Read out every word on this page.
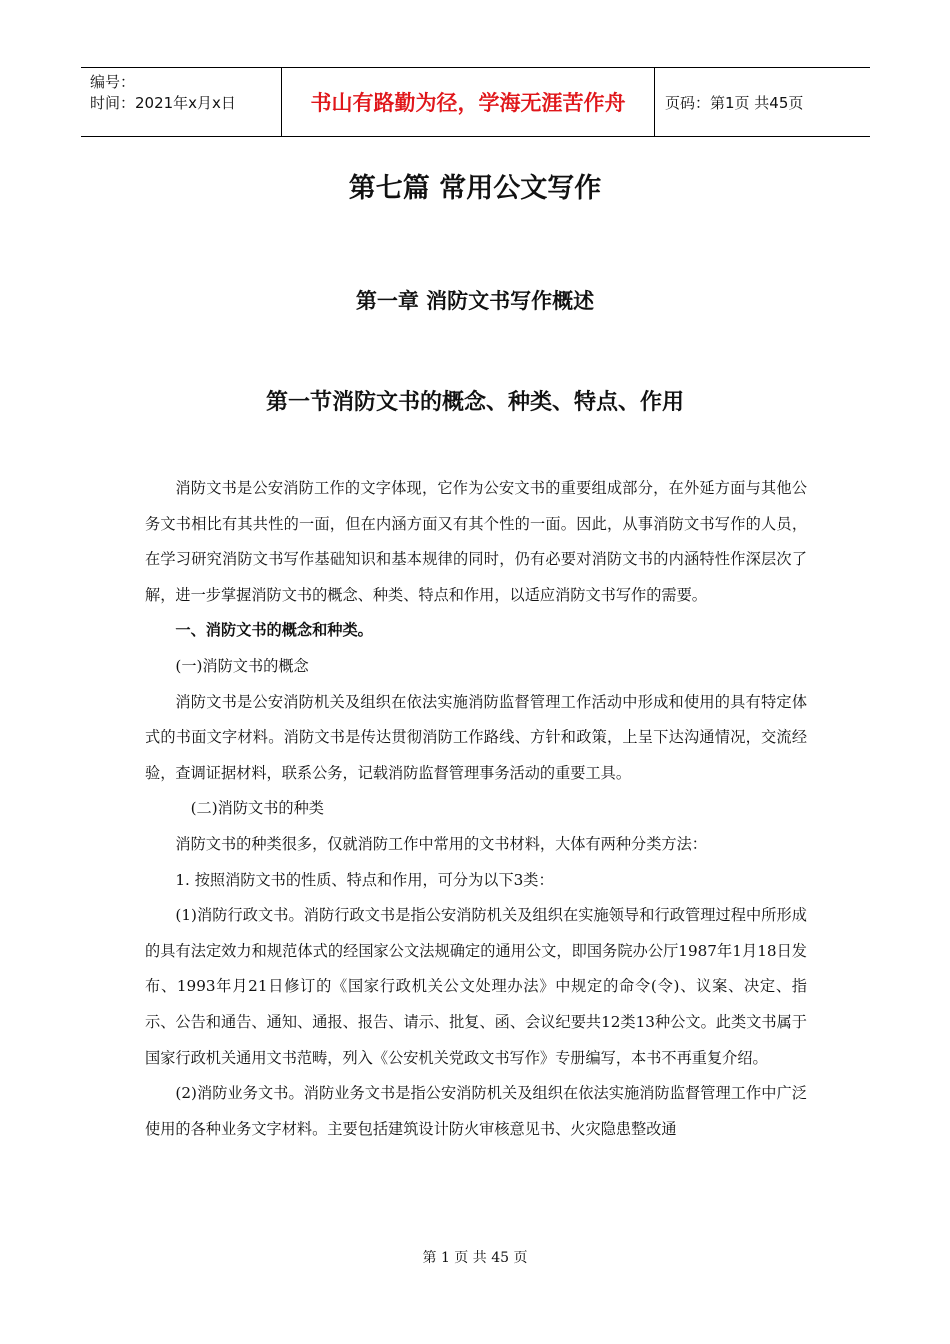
编号：
时间：2021年x月x日	书山有路勤为径，学海无涯苦作舟	页码：第1页 共45页
第七篇 常用公文写作
第一章 消防文书写作概述
第一节消防文书的概念、种类、特点、作用

消防文书是公安消防工作的文字体现，它作为公安文书的重要组成部分，在外延方面与其他公务文书相比有其共性的一面，但在内涵方面又有其个性的一面。因此，从事消防文书写作的人员，在学习研究消防文书写作基础知识和基本规律的同时，仍有必要对消防文书的内涵特性作深层次了解，进一步掌握消防文书的概念、种类、特点和作用，以适应消防文书写作的需要。

一、消防文书的概念和种类。

(一)消防文书的概念

消防文书是公安消防机关及组织在依法实施消防监督管理工作活动中形成和使用的具有特定体式的书面文字材料。消防文书是传达贯彻消防工作路线、方针和政策，上呈下达沟通情况，交流经验，查调证据材料，联系公务，记载消防监督管理事务活动的重要工具。

(二)消防文书的种类

消防文书的种类很多，仅就消防工作中常用的文书材料，大体有两种分类方法：

1. 按照消防文书的性质、特点和作用，可分为以下3类：

(1)消防行政文书。消防行政文书是指公安消防机关及组织在实施领导和行政管理过程中所形成的具有法定效力和规范体式的经国家公文法规确定的通用公文，即国务院办公厅1987年1月18日发布、1993年月21日修订的《国家行政机关公文处理办法》中规定的命令(令)、议案、决定、指示、公告和通告、通知、通报、报告、请示、批复、函、会议纪要共12类13种公文。此类文书属于国家行政机关通用文书范畴，列入《公安机关党政文书写作》专册编写，本书不再重复介绍。

(2)消防业务文书。消防业务文书是指公安消防机关及组织在依法实施消防监督管理工作中广泛使用的各种业务文字材料。主要包括建筑设计防火审核意见书、火灾隐患整改通

第 1 页 共 45 页
